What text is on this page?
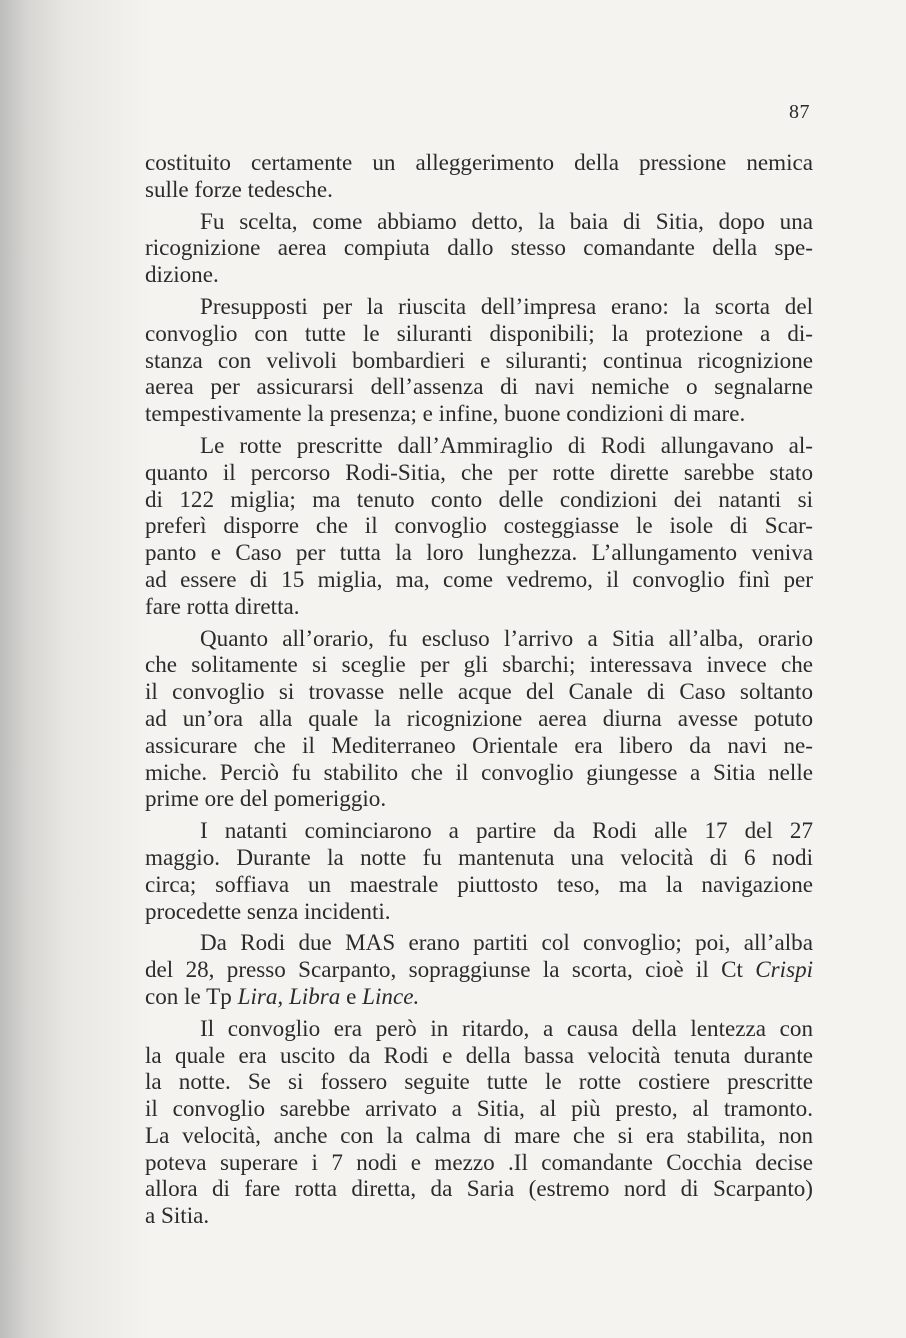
87
costituito certamente un alleggerimento della pressione nemica
sulle forze tedesche.
Fu scelta, come abbiamo detto, la baia di Sitia, dopo una
ricognizione aerea compiuta dallo stesso comandante della spe-
dizione.
Presupposti per la riuscita dell’impresa erano: la scorta del
convoglio con tutte le siluranti disponibili; la protezione a di-
stanza con velivoli bombardieri e siluranti; continua ricognizione
aerea per assicurarsi dell’assenza di navi nemiche o segnalarne
tempestivamente la presenza; e infine, buone condizioni di mare.
Le rotte prescritte dall’Ammiraglio di Rodi allungavano al-
quanto il percorso Rodi-Sitia, che per rotte dirette sarebbe stato
di 122 miglia; ma tenuto conto delle condizioni dei natanti si
preferì disporre che il convoglio costeggiasse le isole di Scar-
panto e Caso per tutta la loro lunghezza. L’allungamento veniva
ad essere di 15 miglia, ma, come vedremo, il convoglio finì per
fare rotta diretta.
Quanto all’orario, fu escluso l’arrivo a Sitia all’alba, orario
che solitamente si sceglie per gli sbarchi; interessava invece che
il convoglio si trovasse nelle acque del Canale di Caso soltanto
ad un’ora alla quale la ricognizione aerea diurna avesse potuto
assicurare che il Mediterraneo Orientale era libero da navi ne-
miche. Perciò fu stabilito che il convoglio giungesse a Sitia nelle
prime ore del pomeriggio.
I natanti cominciarono a partire da Rodi alle 17 del 27
maggio. Durante la notte fu mantenuta una velocità di 6 nodi
circa; soffiava un maestrale piuttosto teso, ma la navigazione
procedette senza incidenti.
Da Rodi due MAS erano partiti col convoglio; poi, all’alba
del 28, presso Scarpanto, sopraggiunse la scorta, cioè il Ct Crispi
con le Tp Lira, Libra e Lince.
Il convoglio era però in ritardo, a causa della lentezza con
la quale era uscito da Rodi e della bassa velocità tenuta durante
la notte. Se si fossero seguite tutte le rotte costiere prescritte
il convoglio sarebbe arrivato a Sitia, al più presto, al tramonto.
La velocità, anche con la calma di mare che si era stabilita, non
poteva superare i 7 nodi e mezzo .Il comandante Cocchia decise
allora di fare rotta diretta, da Saria (estremo nord di Scarpanto)
a Sitia.
